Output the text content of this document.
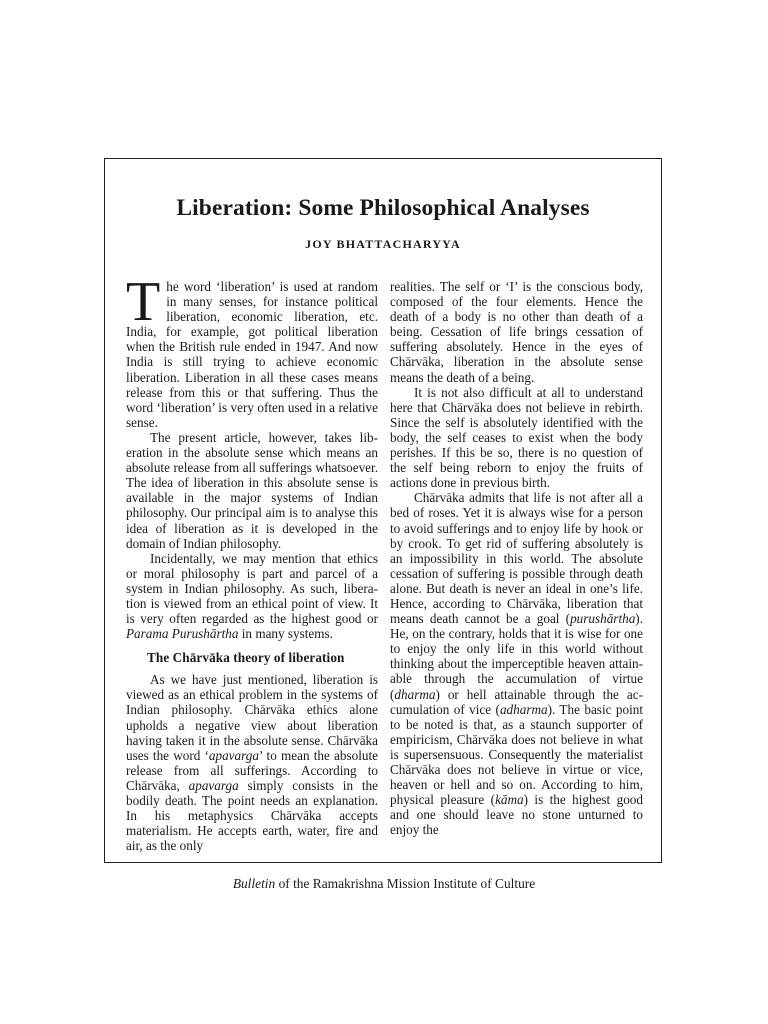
Liberation: Some Philosophical Analyses
JOY BHATTACHARYYA

The word ‘liberation’ is used at random in many senses, for instance political liberation, economic liberation, etc. India, for example, got political liberation when the British rule ended in 1947. And now India is still trying to achieve economic liberation. Liberation in all these cases means release from this or that suffering. Thus the word ‘liberation’ is very often used in a relative sense.

The present article, however, takes liberation in the absolute sense which means an absolute release from all sufferings whatsoever. The idea of liberation in this absolute sense is available in the major systems of Indian philosophy. Our principal aim is to analyse this idea of liberation as it is developed in the domain of Indian philosophy.

Incidentally, we may mention that ethics or moral philosophy is part and parcel of a system in Indian philosophy. As such, liberation is viewed from an ethical point of view. It is very often regarded as the highest good or Parama Purushārtha in many systems.

The Chārvāka theory of liberation

As we have just mentioned, liberation is viewed as an ethical problem in the systems of Indian philosophy. Chārvāka ethics alone upholds a negative view about liberation having taken it in the absolute sense. Chārvāka uses the word ‘apavarga’ to mean the absolute release from all sufferings. According to Chārvāka, apavarga simply consists in the bodily death. The point needs an explanation. In his metaphysics Chārvāka accepts materialism. He accepts earth, water, fire and air, as the only

realities. The self or ‘I’ is the conscious body, composed of the four elements. Hence the death of a body is no other than death of a being. Cessation of life brings cessation of suffering absolutely. Hence in the eyes of Chārvāka, liberation in the absolute sense means the death of a being.

It is not also difficult at all to understand here that Chārvāka does not believe in rebirth. Since the self is absolutely identified with the body, the self ceases to exist when the body perishes. If this be so, there is no question of the self being reborn to enjoy the fruits of actions done in previous birth.

Chārvāka admits that life is not after all a bed of roses. Yet it is always wise for a person to avoid sufferings and to enjoy life by hook or by crook. To get rid of suffering absolutely is an impossibility in this world. The absolute cessation of suffering is possible through death alone. But death is never an ideal in one’s life. Hence, according to Chārvāka, liberation that means death cannot be a goal (purushārtha). He, on the contrary, holds that it is wise for one to enjoy the only life in this world without thinking about the imperceptible heaven attainable through the accumulation of virtue (dharma) or hell attainable through the accumulation of vice (adharma). The basic point to be noted is that, as a staunch supporter of empiricism, Chārvāka does not believe in what is supersensuous. Consequently the materialist Chārvāka does not believe in virtue or vice, heaven or hell and so on. According to him, physical pleasure (kāma) is the highest good and one should leave no stone unturned to enjoy the

Bulletin of the Ramakrishna Mission Institute of Culture
